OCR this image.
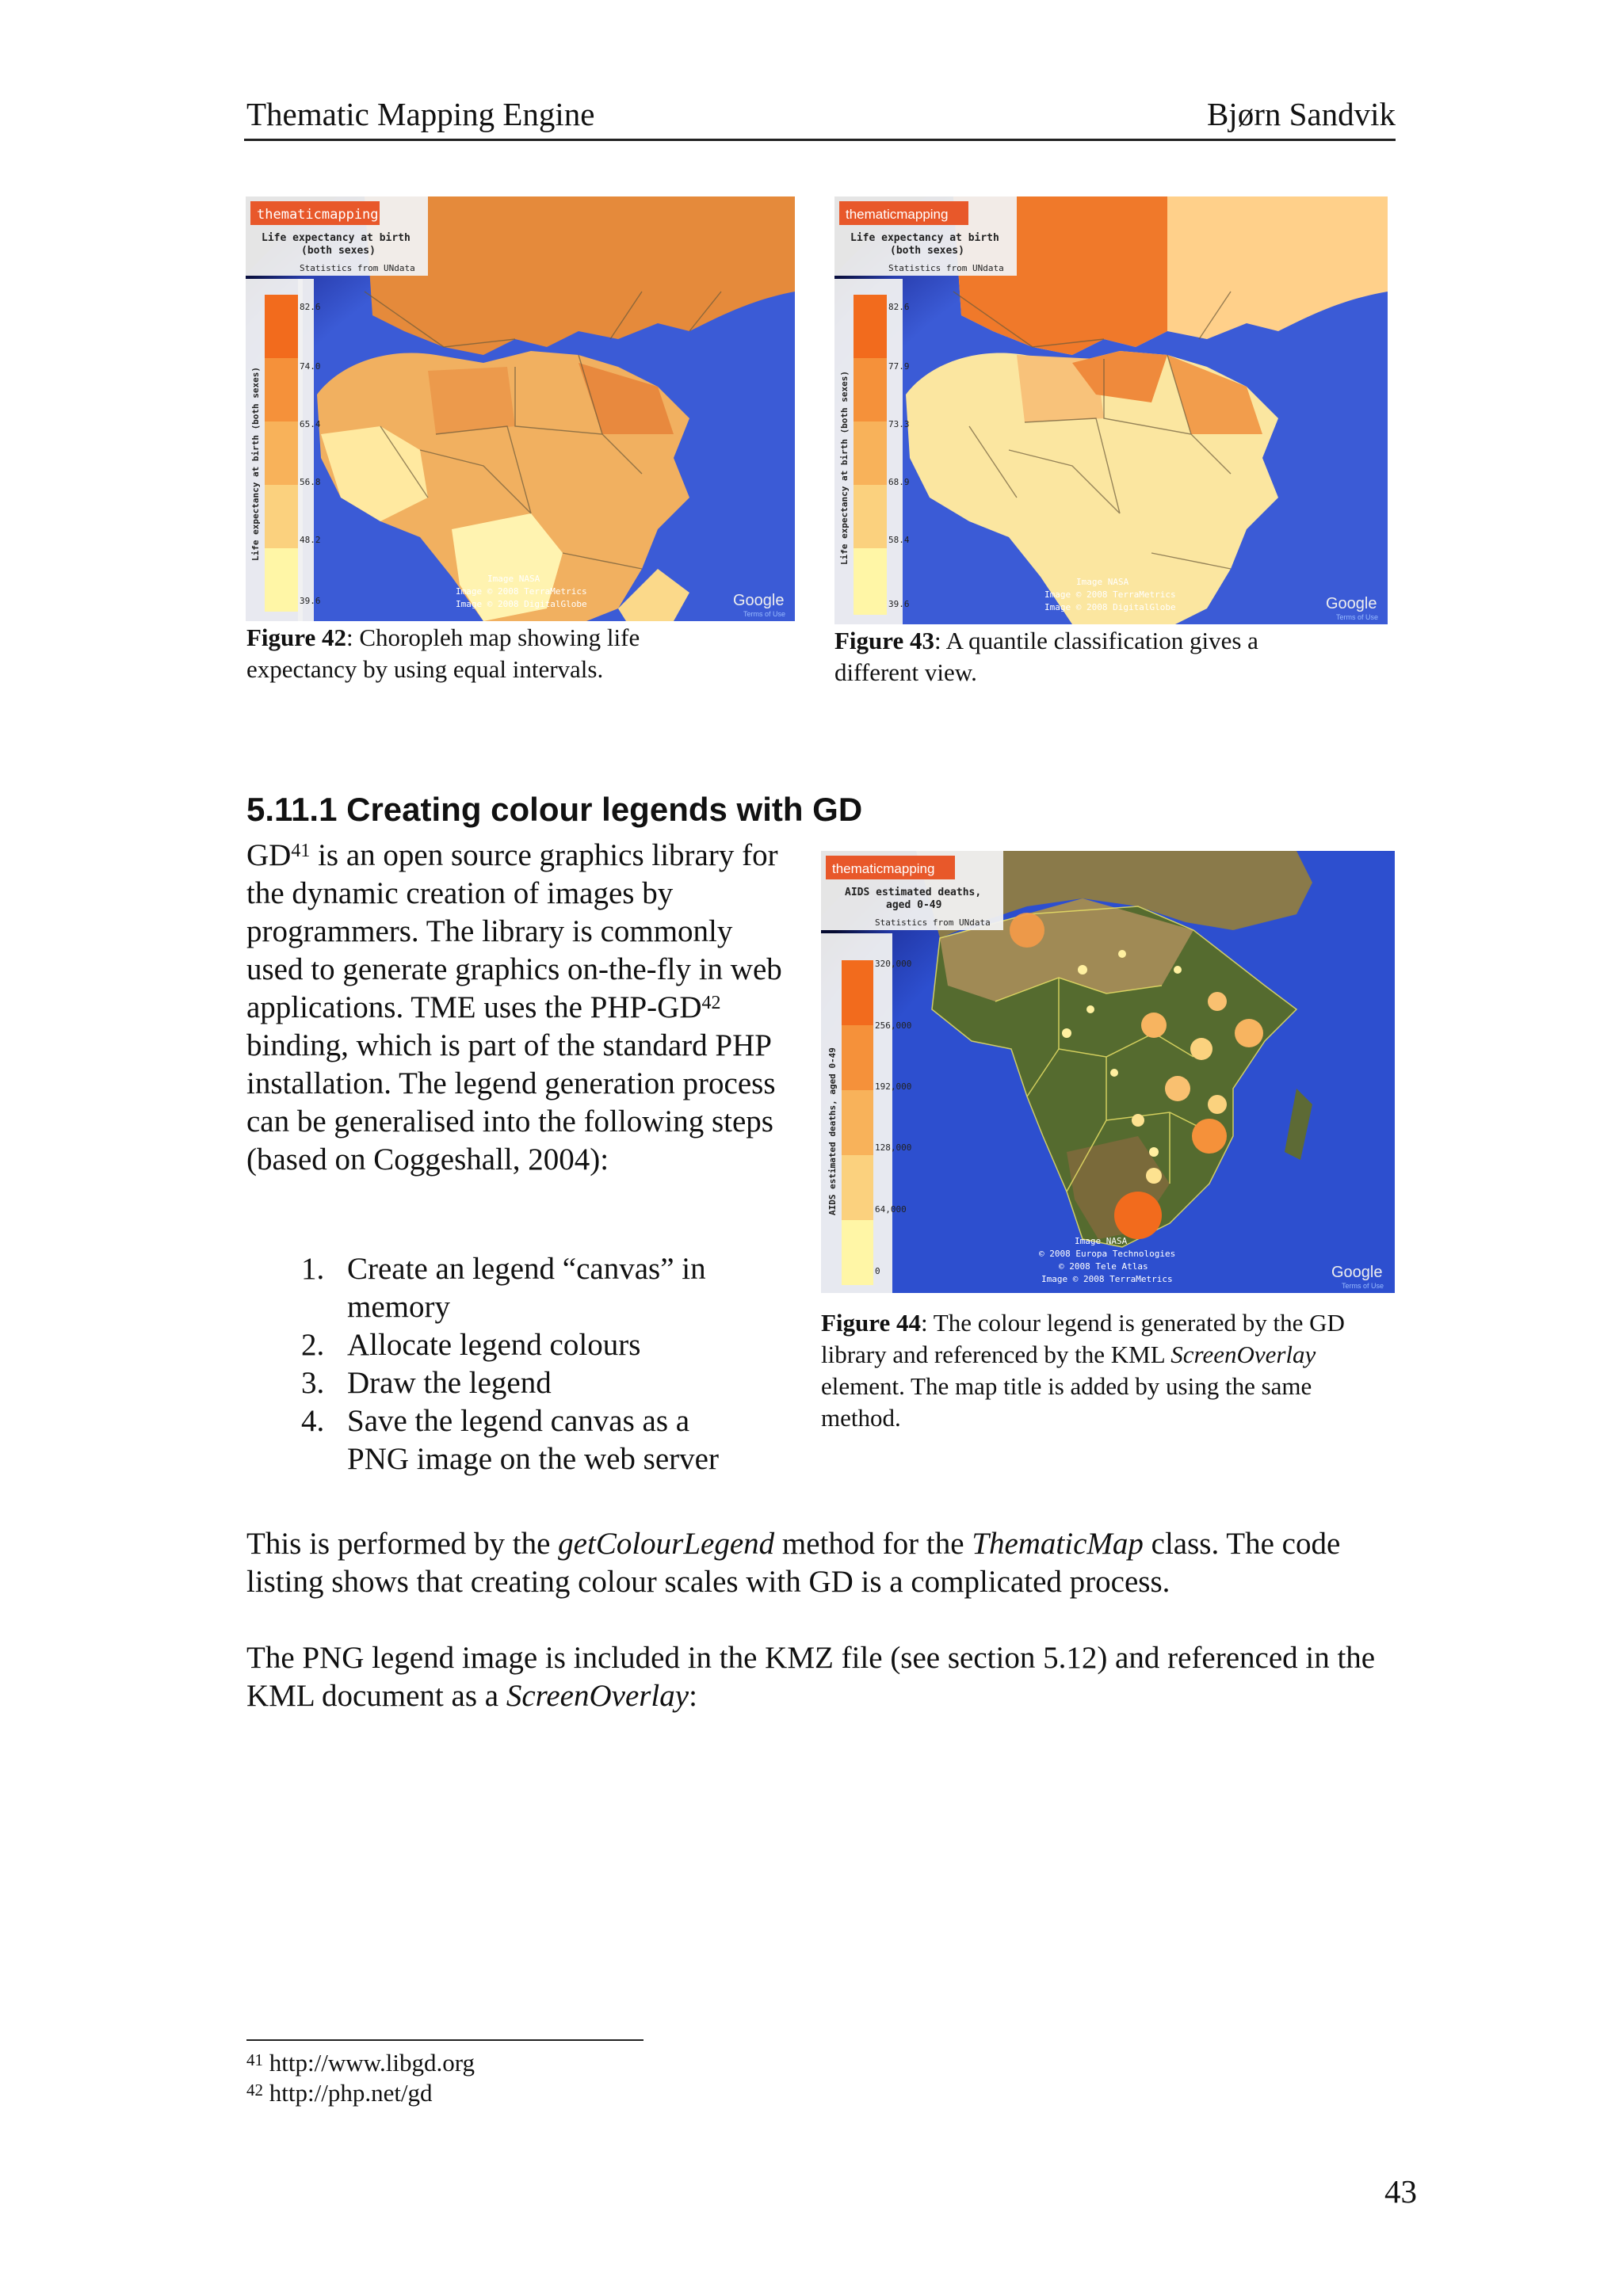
Thematic Mapping Engine	Bjørn Sandvik
thematicmapping
Life expectancy at birth
(both sexes)
Statistics from UNdata
82.6
74.0
65.4
56.8
48.2
39.6
Life expectancy at birth (both sexes)
Image NASA
Image © 2008 TerraMetrics
Image © 2008 DigitalGlobe	Google
Terms of Use
Figure 42: Choropleh map showing life expectancy by using equal intervals.
thematicmapping
Life expectancy at birth
(both sexes)
Statistics from UNdata
82.6
77.9
73.3
68.9
58.4
39.6
Life expectancy at birth (both sexes)
Image NASA
Image © 2008 TerraMetrics
Image © 2008 DigitalGlobe	Google
Terms of Use
Figure 43: A quantile classification gives a different view.
5.11.1 Creating colour legends with GD
GD$^{41}$ is an open source graphics library for the dynamic creation of images by programmers. The library is commonly used to generate graphics on-the-fly in web applications. TME uses the PHP-GD$^{42}$ binding, which is part of the standard PHP installation. The legend generation process can be generalised into the following steps (based on Coggeshall, 2004):
1. Create an legend “canvas” in memory
2. Allocate legend colours
3. Draw the legend
4. Save the legend canvas as a PNG image on the web server
thematicmapping
AIDS estimated deaths,
aged 0-49
Statistics from UNdata
320,000
256,000
192,000
128,000
64,000
0
AIDS estimated deaths, aged 0-49
Image NASA
© 2008 Europa Technologies
© 2008 Tele Atlas
Image © 2008 TerraMetrics	Google
Terms of Use
Figure 44: The colour legend is generated by the GD library and referenced by the KML ScreenOverlay element. The map title is added by using the same method.
This is performed by the getColourLegend method for the ThematicMap class. The code listing shows that creating colour scales with GD is a complicated process.
The PNG legend image is included in the KMZ file (see section 5.12) and referenced in the KML document as a ScreenOverlay:
$^{41}$ http://www.libgd.org
$^{42}$ http://php.net/gd
43
